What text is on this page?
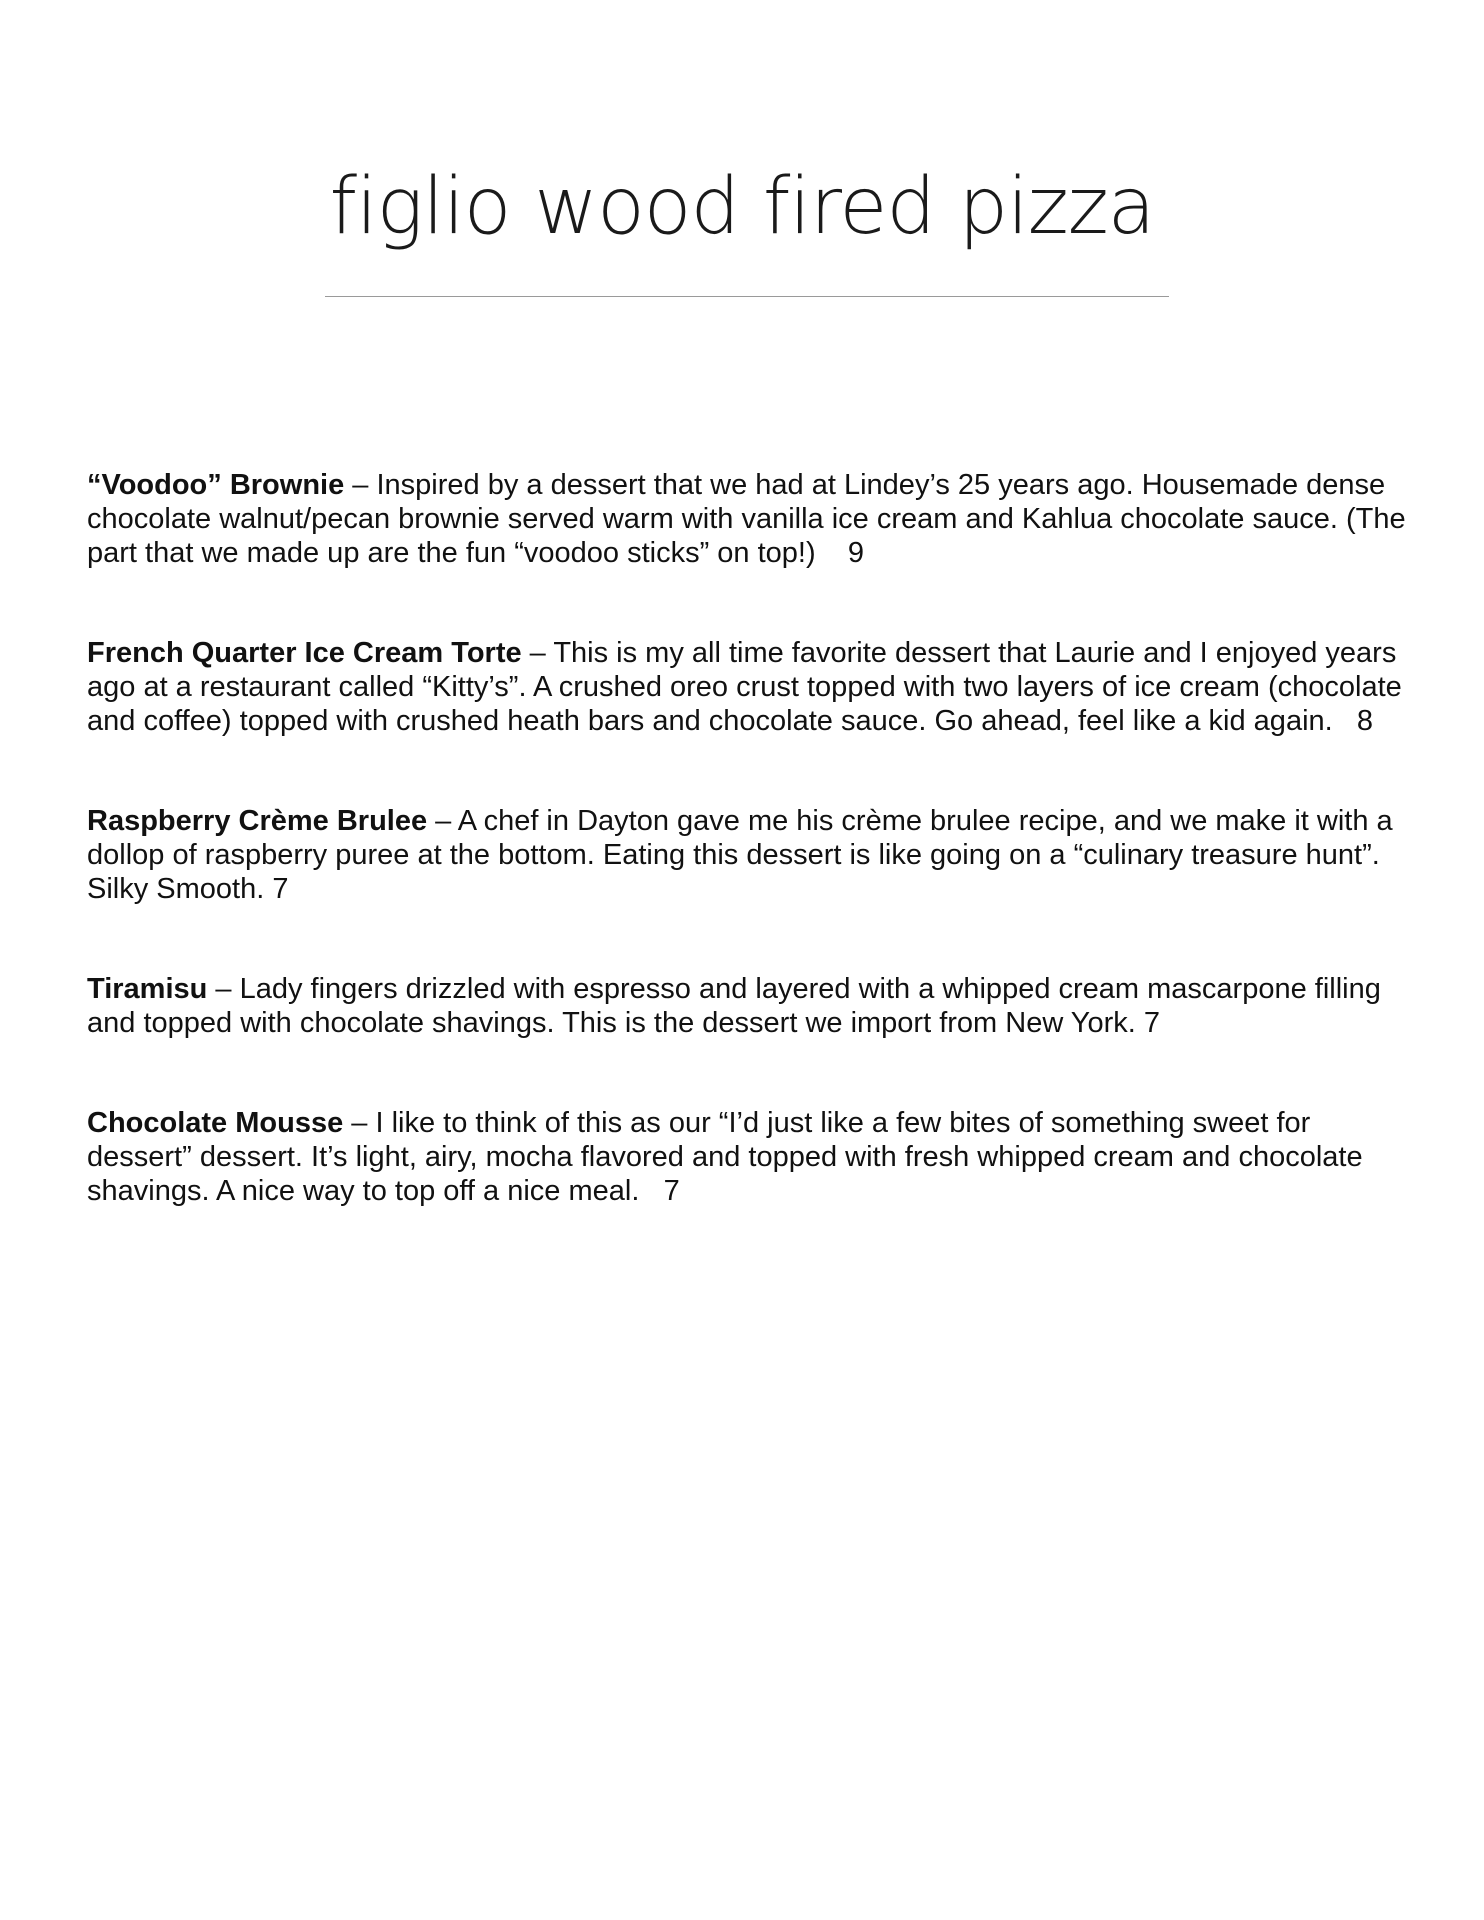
figlio wood fired pizza

“Voodoo” Brownie – Inspired by a dessert that we had at Lindey’s 25 years ago. Housemade dense chocolate walnut/pecan brownie served warm with vanilla ice cream and Kahlua chocolate sauce. (The part that we made up are the fun “voodoo sticks” on top!) 9

French Quarter Ice Cream Torte – This is my all time favorite dessert that Laurie and I enjoyed years ago at a restaurant called “Kitty’s”. A crushed oreo crust topped with two layers of ice cream (chocolate and coffee) topped with crushed heath bars and chocolate sauce. Go ahead, feel like a kid again. 8

Raspberry Crème Brulee – A chef in Dayton gave me his crème brulee recipe, and we make it with a dollop of raspberry puree at the bottom. Eating this dessert is like going on a “culinary treasure hunt”. Silky Smooth. 7

Tiramisu – Lady fingers drizzled with espresso and layered with a whipped cream mascarpone filling and topped with chocolate shavings. This is the dessert we import from New York. 7

Chocolate Mousse – I like to think of this as our “I’d just like a few bites of something sweet for dessert” dessert. It’s light, airy, mocha flavored and topped with fresh whipped cream and chocolate shavings. A nice way to top off a nice meal. 7
